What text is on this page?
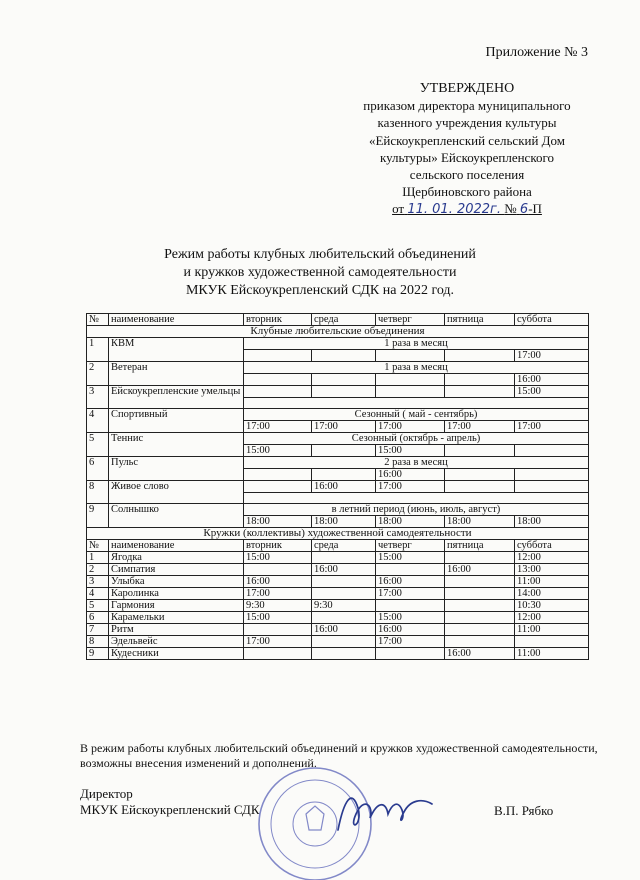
Приложение № 3
УТВЕРЖДЕНО
приказом директора муниципального
казенного учреждения культуры
«Ейскоукрепленский сельский Дом
культуры» Ейскоукрепленского
сельского поселения
Щербиновского района
от 11. 01. 2022г. № 6-П
Режим работы клубных любительский объединений
и кружков художественной самодеятельности
МКУК Ейскоукрепленский СДК на 2022 год.
№	наименование	вторник	среда	четверг	пятница	суббота
Клубные любительские объединения						
1	КВМ	1 раза в месяц				
						17:00
2	Ветеран	1 раза в месяц				
						16:00
3	Ейскоукрепленские умельцы					15:00

4	Спортивный	Сезонный ( май - сентябрь)				
		17:00	17:00	17:00	17:00	17:00
5	Теннис	Сезонный (октябрь - апрель)				
		15:00		15:00		
6	Пульс	2 раза в месяц				
				16:00		
8	Живое слово		16:00	17:00		

9	Солнышко	в летний период (июнь, июль, август)				
		18:00	18:00	18:00	18:00	18:00
Кружки (коллективы) художественной самодеятельности						
№	наименование	вторник	среда	четверг	пятница	суббота
1	Ягодка	15:00		15:00		12:00
2	Симпатия		16:00		16:00	13:00
3	Улыбка	16:00		16:00		11:00
4	Каролинка	17:00		17:00		14:00
5	Гармония	9:30	9:30			10:30
6	Карамельки	15:00		15:00		12:00
7	Ритм		16:00	16:00		11:00
8	Эдельвейс	17:00		17:00		
9	Кудесники				16:00	11:00
В режим работы клубных любительский объединений и кружков художественной самодеятельности, возможны внесения изменений и дополнений.
Директор
МКУК Ейскоукрепленский СДК	В.П. Рябко
